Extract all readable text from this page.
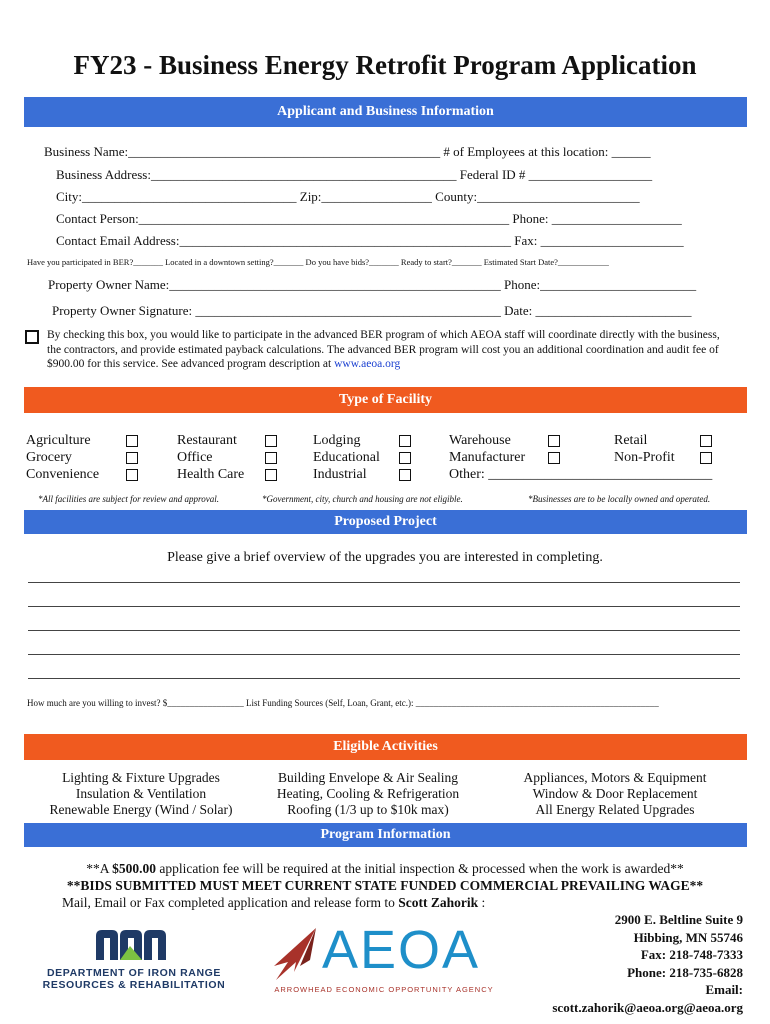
FY23 - Business Energy Retrofit Program Application
Applicant and Business Information
Business Name:________________________________________________ # of Employees at this location: ______
Business Address:_______________________________________________ Federal ID # ___________________
City:_________________________________ Zip:_________________ County:_________________________
Contact Person:_________________________________________________________ Phone: ____________________
Contact Email Address:___________________________________________________ Fax: ______________________
Have you participated in BER?_______ Located in a downtown setting?_______ Do you have bids?_______ Ready to start?_______ Estimated Start Date?____________
Property Owner Name:___________________________________________________ Phone:________________________
Property Owner Signature: _______________________________________________ Date: ________________________
By checking this box, you would like to participate in the advanced BER program of which AEOA staff will coordinate directly with the business, the contractors, and provide estimated payback calculations. The advanced BER program will cost you an additional coordination and audit fee of $900.00 for this service. See advanced program description at www.aeoa.org
Type of Facility
Agriculture
Grocery
Convenience
Restaurant
Office
Health Care
Lodging
Educational
Industrial
Warehouse
Manufacturer
Other: ________________________________
Retail
Non-Profit
*All facilities are subject for review and approval.	*Government, city, church and housing are not eligible.	*Businesses are to be locally owned and operated.
Proposed Project
Please give a brief overview of the upgrades you are interested in completing.
How much are you willing to invest? $_________________ List Funding Sources (Self, Loan, Grant, etc.): ______________________________________________________
Eligible Activities
Lighting & Fixture Upgrades
Insulation & Ventilation
Renewable Energy (Wind / Solar)
Building Envelope & Air Sealing
Heating, Cooling & Refrigeration
Roofing (1/3 up to $10k max)
Appliances, Motors & Equipment
Window & Door Replacement
All Energy Related Upgrades
Program Information
**A $500.00 application fee will be required at the initial inspection & processed when the work is awarded**
**BIDS SUBMITTED MUST MEET CURRENT STATE FUNDED COMMERCIAL PREVAILING WAGE**
Mail, Email or Fax completed application and release form to Scott Zahorik :
2900 E. Beltline Suite 9
Hibbing, MN 55746
Fax: 218-748-7333
Phone: 218-735-6828
Email:
scott.zahorik@aeoa.org@aeoa.org
DEPARTMENT OF IRON RANGE
RESOURCES & REHABILITATION
AEOA
ARROWHEAD ECONOMIC OPPORTUNITY AGENCY
